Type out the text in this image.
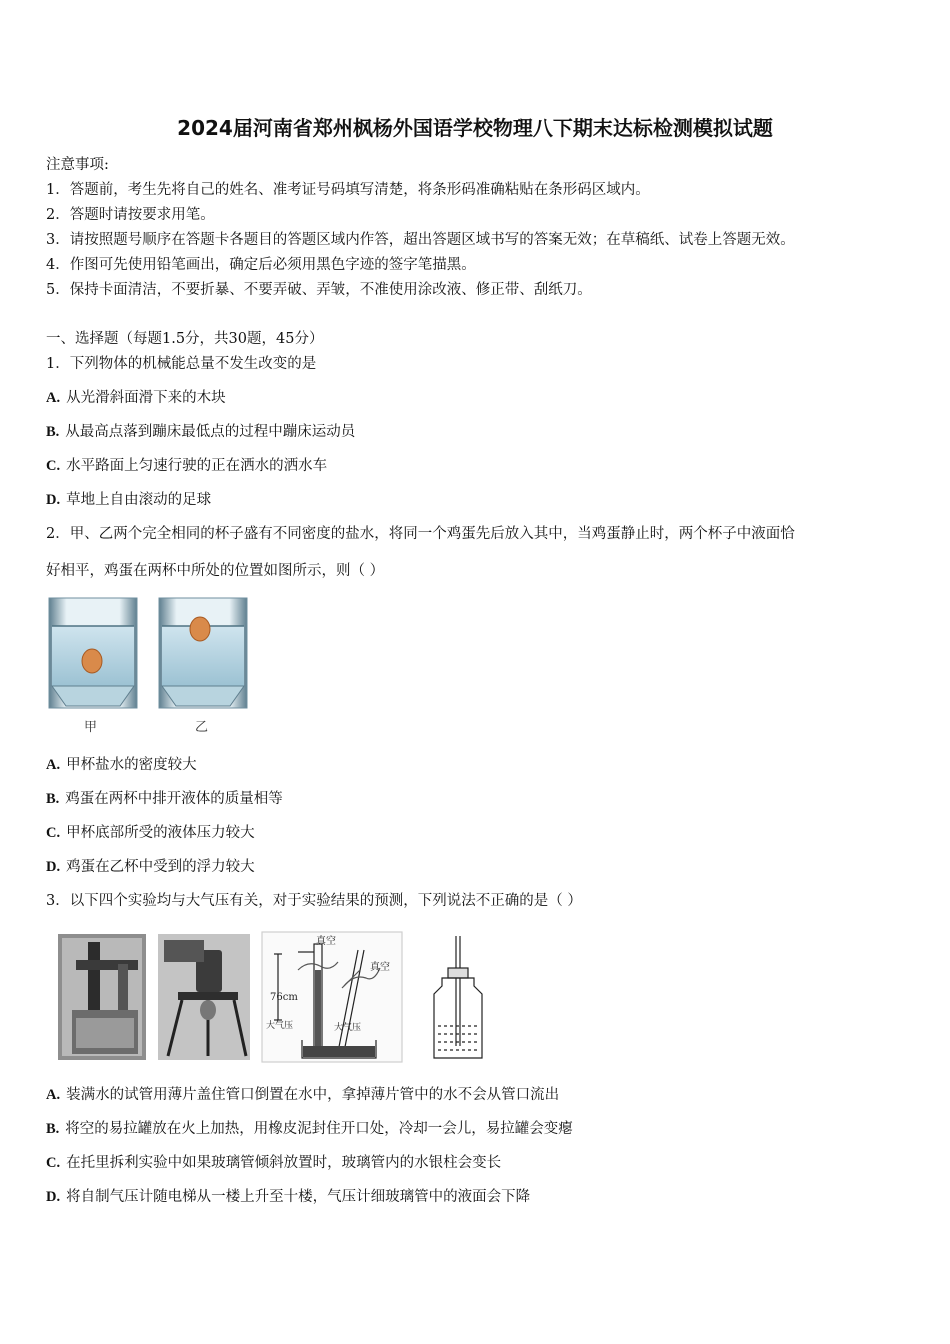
2024届河南省郑州枫杨外国语学校物理八下期末达标检测模拟试题
注意事项:
1．答题前，考生先将自己的姓名、准考证号码填写清楚，将条形码准确粘贴在条形码区域内。
2．答题时请按要求用笔。
3．请按照题号顺序在答题卡各题目的答题区域内作答，超出答题区域书写的答案无效；在草稿纸、试卷上答题无效。
4．作图可先使用铅笔画出，确定后必须用黑色字迹的签字笔描黑。
5．保持卡面清洁，不要折暴、不要弄破、弄皱，不准使用涂改液、修正带、刮纸刀。
一、选择题（每题1.5分，共30题，45分）
1．下列物体的机械能总量不发生改变的是
A. 从光滑斜面滑下来的木块
B. 从最高点落到蹦床最低点的过程中蹦床运动员
C. 水平路面上匀速行驶的正在洒水的洒水车
D. 草地上自由滚动的足球
2．甲、乙两个完全相同的杯子盛有不同密度的盐水，将同一个鸡蛋先后放入其中，当鸡蛋静止时，两个杯子中液面恰
好相平，鸡蛋在两杯中所处的位置如图所示，则（ ）
甲	乙
A. 甲杯盐水的密度较大
B. 鸡蛋在两杯中排开液体的质量相等
C. 甲杯底部所受的液体压力较大
D. 鸡蛋在乙杯中受到的浮力较大
3．以下四个实验均与大气压有关，对于实验结果的预测，下列说法不正确的是（ ）
真空
真空
76cm
大气压	大气压
A. 装满水的试管用薄片盖住管口倒置在水中，拿掉薄片管中的水不会从管口流出
B. 将空的易拉罐放在火上加热，用橡皮泥封住开口处，冷却一会儿，易拉罐会变瘪
C. 在托里拆利实验中如果玻璃管倾斜放置时，玻璃管内的水银柱会变长
D. 将自制气压计随电梯从一楼上升至十楼，气压计细玻璃管中的液面会下降
